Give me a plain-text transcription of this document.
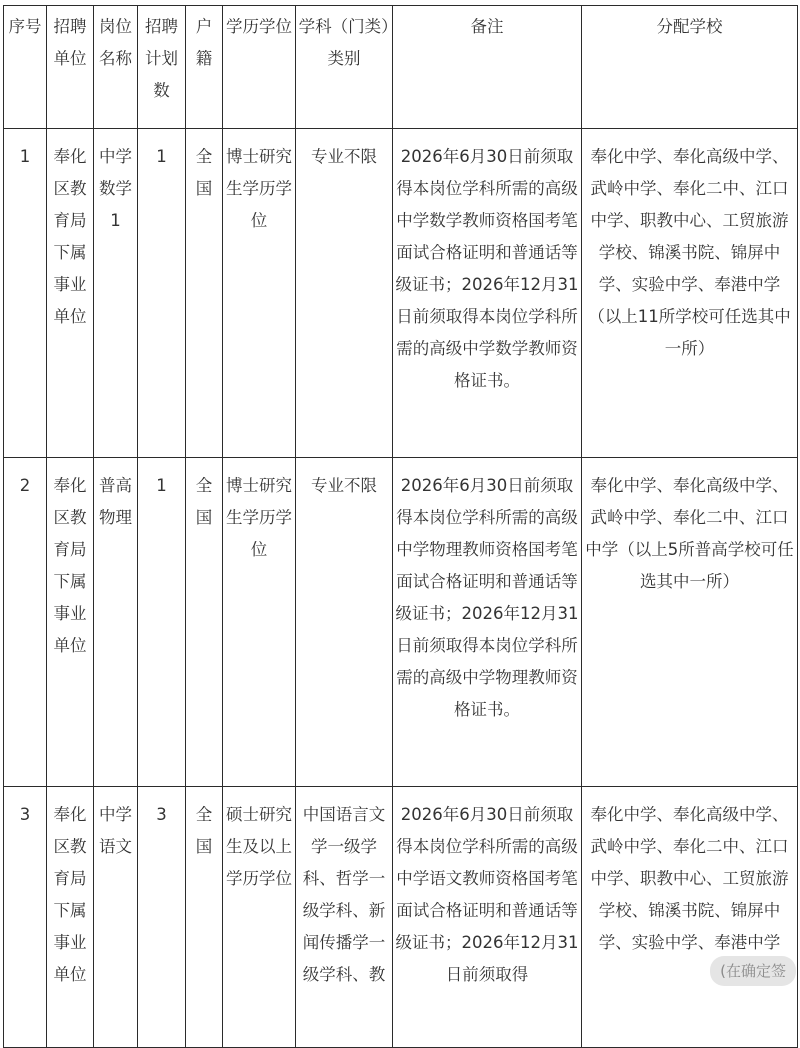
序号	招聘单位	岗位名称	招聘计划数	户籍	学历学位	学科（门类）类别	备注	分配学校
1	奉化区教育局下属事业单位	中学数学1	1	全国	博士研究生学历学位	专业不限	2026年6月30日前须取得本岗位学科所需的高级中学数学教师资格国考笔面试合格证明和普通话等级证书；2026年12月31日前须取得本岗位学科所需的高级中学数学教师资格证书。	奉化中学、奉化高级中学、武岭中学、奉化二中、江口中学、职教中心、工贸旅游学校、锦溪书院、锦屏中学、实验中学、奉港中学（以上11所学校可任选其中一所）
2	奉化区教育局下属事业单位	普高物理	1	全国	博士研究生学历学位	专业不限	2026年6月30日前须取得本岗位学科所需的高级中学物理教师资格国考笔面试合格证明和普通话等级证书；2026年12月31日前须取得本岗位学科所需的高级中学物理教师资格证书。	奉化中学、奉化高级中学、武岭中学、奉化二中、江口中学（以上5所普高学校可任选其中一所）
3	奉化区教育局下属事业单位	中学语文	3	全国	硕士研究生及以上学历学位	中国语言文学一级学科、哲学一级学科、新闻传播学一级学科、教	2026年6月30日前须取得本岗位学科所需的高级中学语文教师资格国考笔面试合格证明和普通话等级证书；2026年12月31日前须取得	奉化中学、奉化高级中学、武岭中学、奉化二中、江口中学、职教中心、工贸旅游学校、锦溪书院、锦屏中学、实验中学、奉港中学
(在确定签
